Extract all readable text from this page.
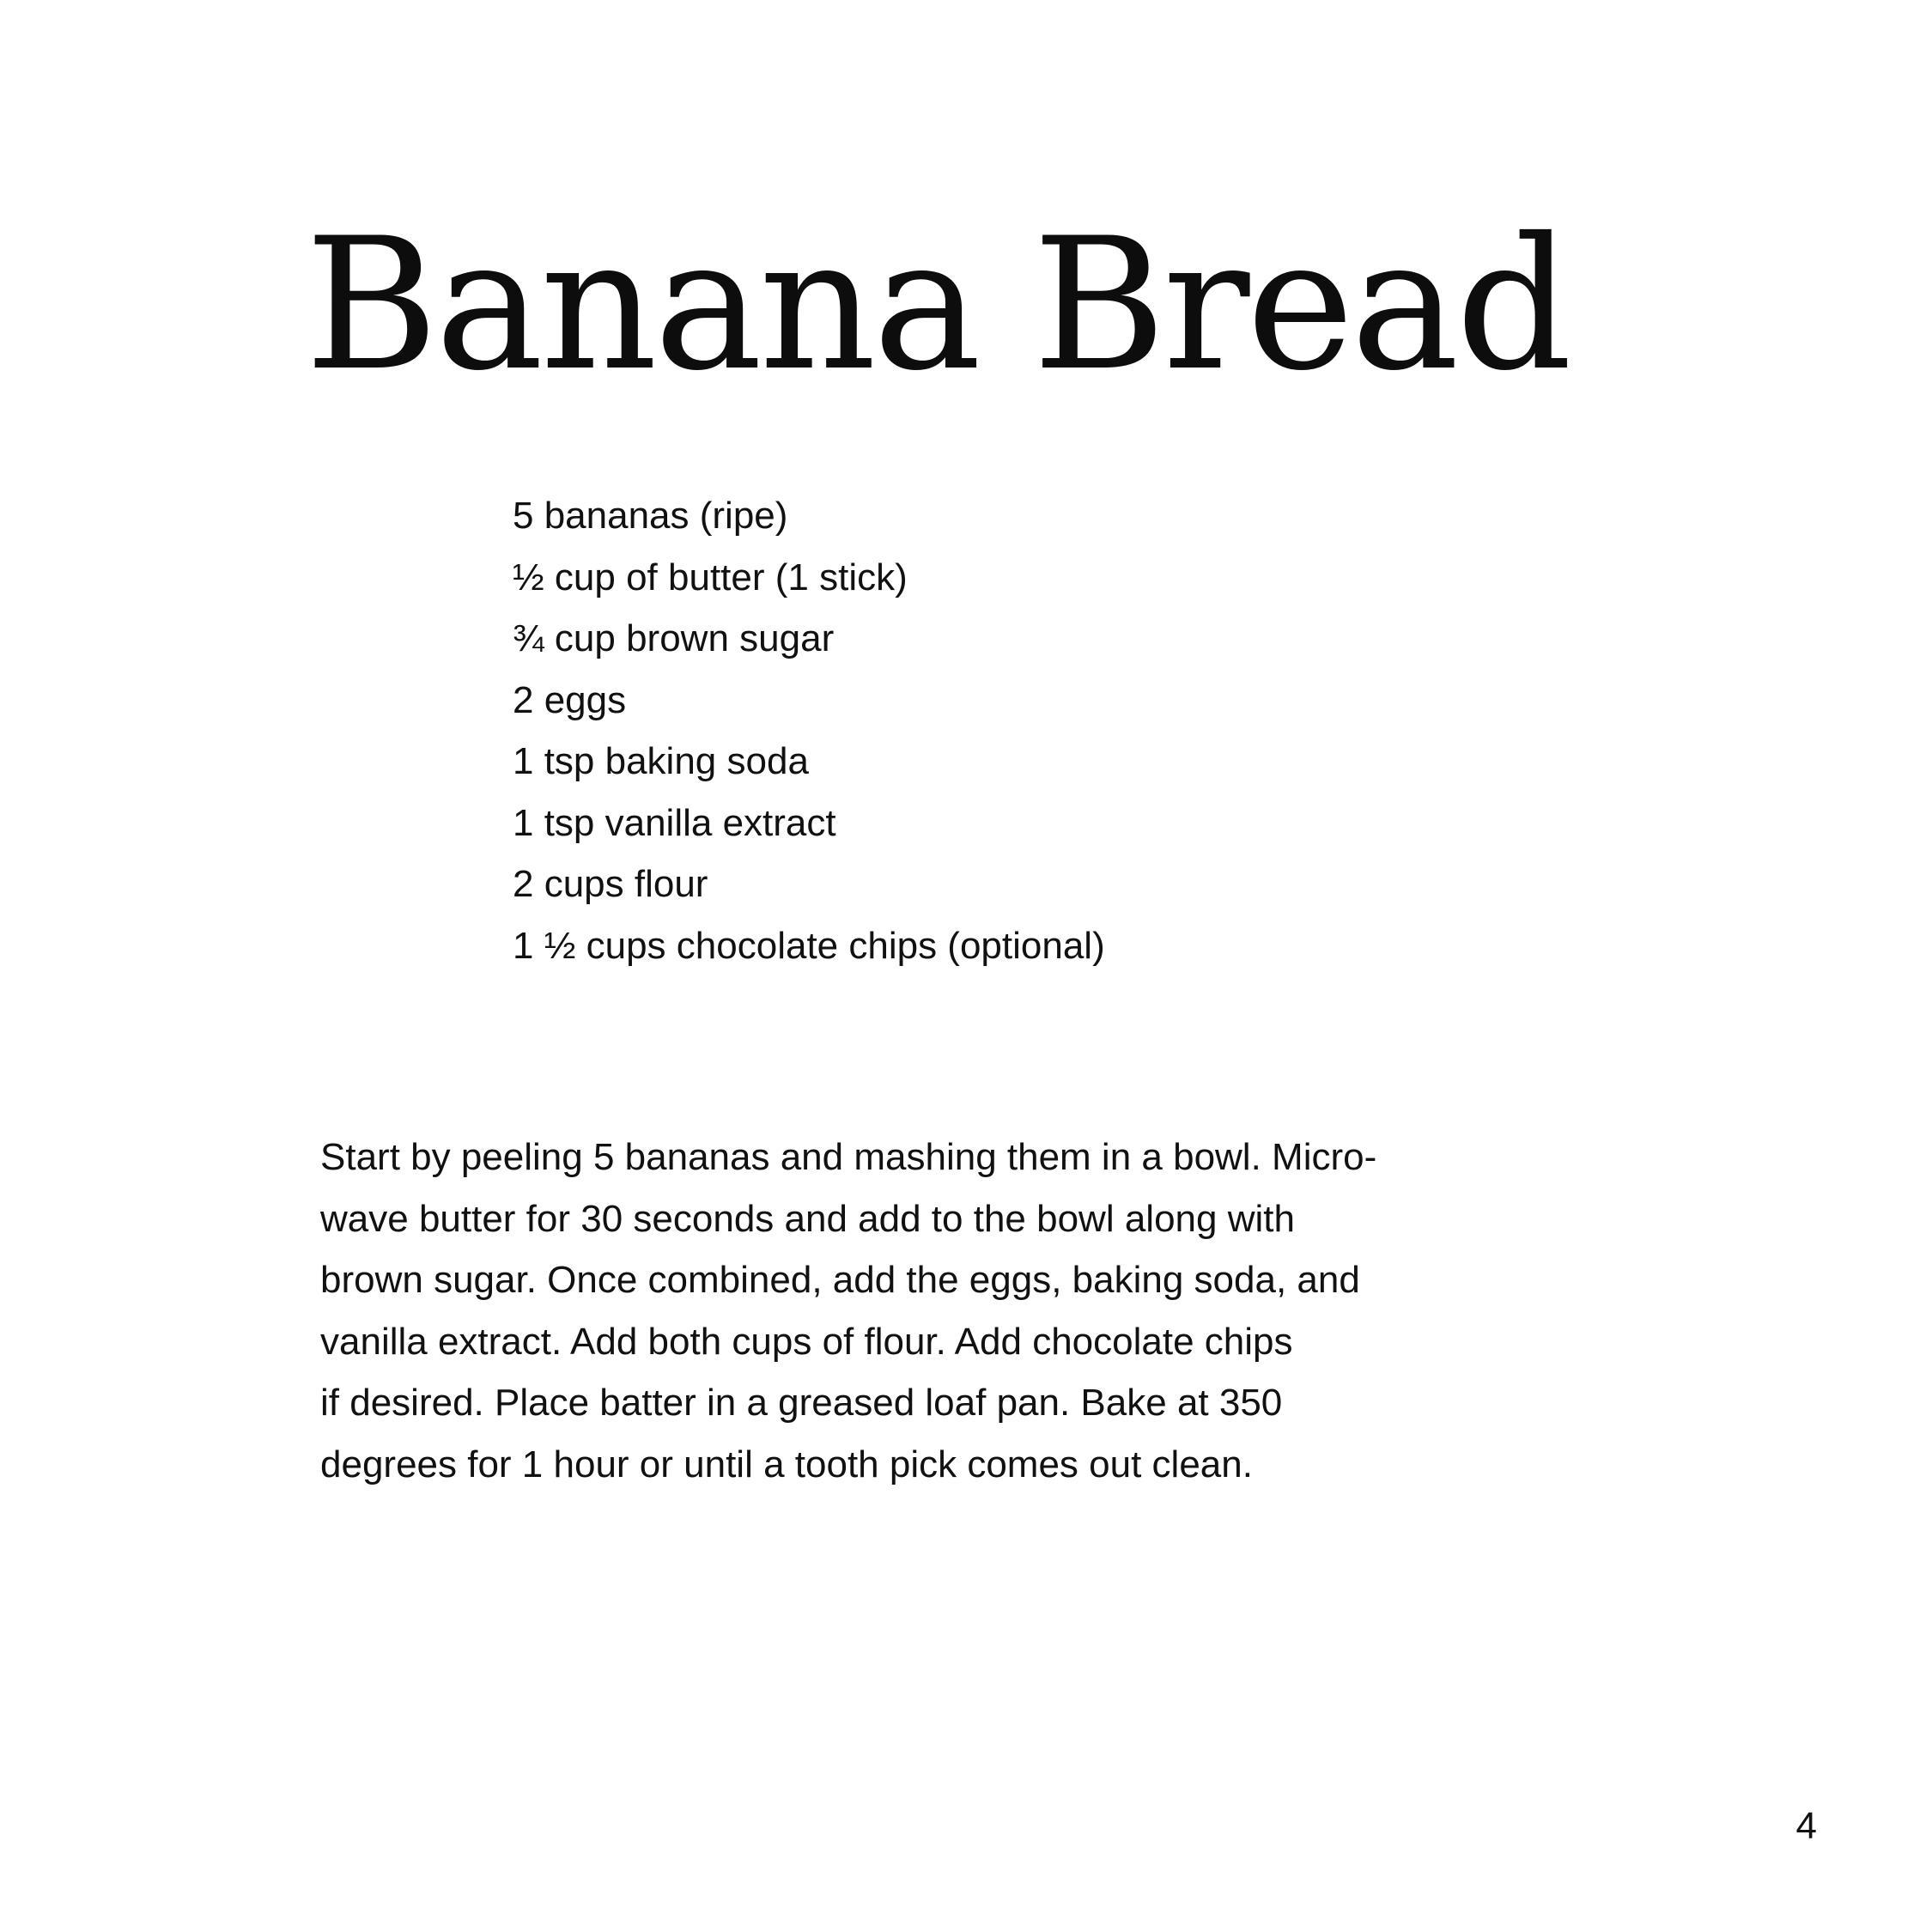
Banana Bread
5 bananas (ripe)
½ cup of butter (1 stick)
¾ cup brown sugar
2 eggs
1 tsp baking soda
1 tsp vanilla extract
2 cups flour
1 ½ cups chocolate chips (optional)

Start by peeling 5 bananas and mashing them in a bowl. Micro-
wave butter for 30 seconds and add to the bowl along with
brown sugar. Once combined, add the eggs, baking soda, and
vanilla extract. Add both cups of flour. Add chocolate chips
if desired. Place batter in a greased loaf pan. Bake at 350
degrees for 1 hour or until a tooth pick comes out clean.

4
